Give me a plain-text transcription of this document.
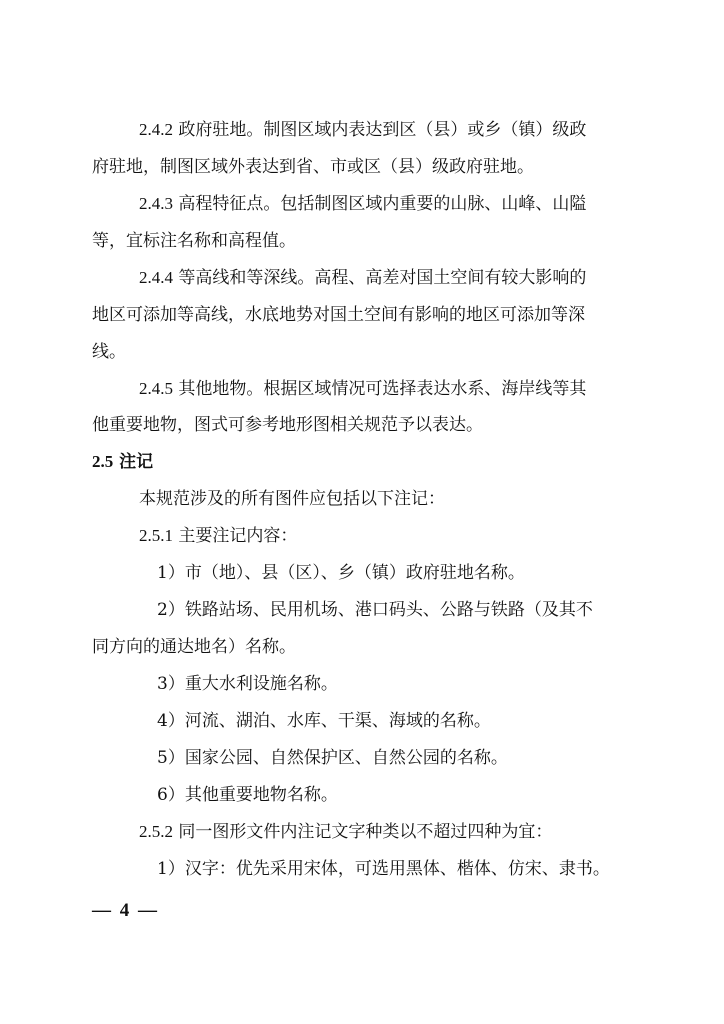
2.4.2 政府驻地。制图区域内表达到区（县）或乡（镇）级政
府驻地，制图区域外表达到省、市或区（县）级政府驻地。
2.4.3 高程特征点。包括制图区域内重要的山脉、山峰、山隘
等，宜标注名称和高程值。
2.4.4 等高线和等深线。高程、高差对国土空间有较大影响的
地区可添加等高线，水底地势对国土空间有影响的地区可添加等深
线。
2.4.5 其他地物。根据区域情况可选择表达水系、海岸线等其
他重要地物，图式可参考地形图相关规范予以表达。
2.5 注记
本规范涉及的所有图件应包括以下注记：
2.5.1 主要注记内容：
1）市（地）、县（区）、乡（镇）政府驻地名称。
2）铁路站场、民用机场、港口码头、公路与铁路（及其不
同方向的通达地名）名称。
3）重大水利设施名称。
4）河流、湖泊、水库、干渠、海域的名称。
5）国家公园、自然保护区、自然公园的名称。
6）其他重要地物名称。
2.5.2 同一图形文件内注记文字种类以不超过四种为宜：
1）汉字：优先采用宋体，可选用黑体、楷体、仿宋、隶书。
— 4 —
